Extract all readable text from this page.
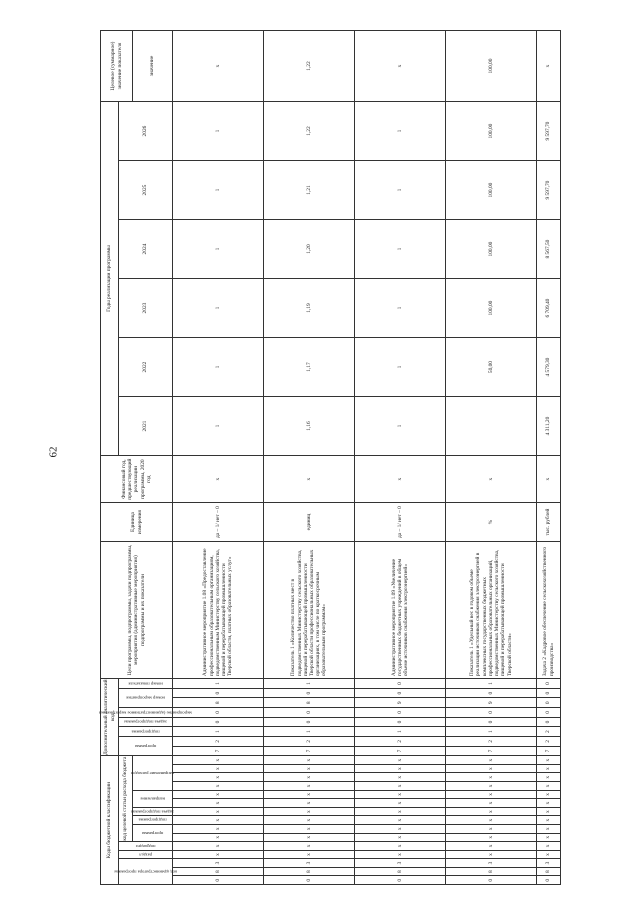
62
Коды бюджетной классификации															Дополнительный аналитический код								Цели программы, подпрограммы, задачи подпрограммы, мероприятия (административные мероприятия) подпрограммы и их показатели	Единица измерения	Финансовый год, предшествующий реализации программы, 2020 год	Годы реализации программы						Целевое (суммарное) значение показателя

код администратора программы			раздел	подраздел	код целевой статьи расхода бюджета										программа		подпрограмма	задача подпрограммы	мероприятие (административное мероприятие)	номер мероприятия		номер показателя				2021	2022	2023	2024	2025	2026	

					программа		подпрограмма	задача подпрограммы	направление		направление расходов																					значение
0	8	3	х	х	х	х	х	х	х	х	х	х	х	х	7	2	1	0	0	8	0	1	Административное мероприятие 1.08 «Предоставление профессиональным образовательным организациям, подведомственным Министерству сельского хозяйства, пищевой и перерабатывающей промышленности Тверской области, платных образовательных услуг»	да – 1/ нет – 0	х	1	1	1	1	1	1	х
0	8	3	х	х	х	х	х	х	х	х	х	х	х	х	7	2	1	0	0	8	0	1	Показатель 1 «Количество платных мест в подведомственных Министерству сельского хозяйства, пищевой и перерабатывающей промышленности Тверской области профессиональных образовательных организациях, в том числе по краткосрочным образовательным программам»	единиц	х	1,16	1,17	1,19	1,20	1,21	1,22	1,22
0	8	3	х	х	х	х	х	х	х	х	х	х	х	х	7	2	1	0	0	9	0	0	Административное мероприятие 1.09 «Увеличение государственных бюджетных учреждений в общем объеме источников снабжения электроэнергией»	да – 1/ нет – 0	х	1	1	1	1	1	1	х
0	8	3	х	х	х	х	х	х	х	х	х	х	х	х	7	2	1	0	0	9	0	1	Показатель 1 «Удельный вес в годовом объеме реализации источников снабжения электроэнергией в комплексных государственных бюджетных профессиональных образовательных организаций, подведомственных Министерству сельского хозяйства, пищевой и перерабатывающей промышленности Тверской области»	%	х		50,00	100,00	100,00	100,00	100,00	100,00
0	8	3	х	х	х	х	х	х	х	х	х	х	х	х	7	2	2	0	0	0	0	0	Задача 2 «Кадровое обеспечение сельскохозяйственного производства»	тыс. рублей	х	4 311,20	4 579,30	6 709,40	8 567,50	9 597,70	9 597,70	х
